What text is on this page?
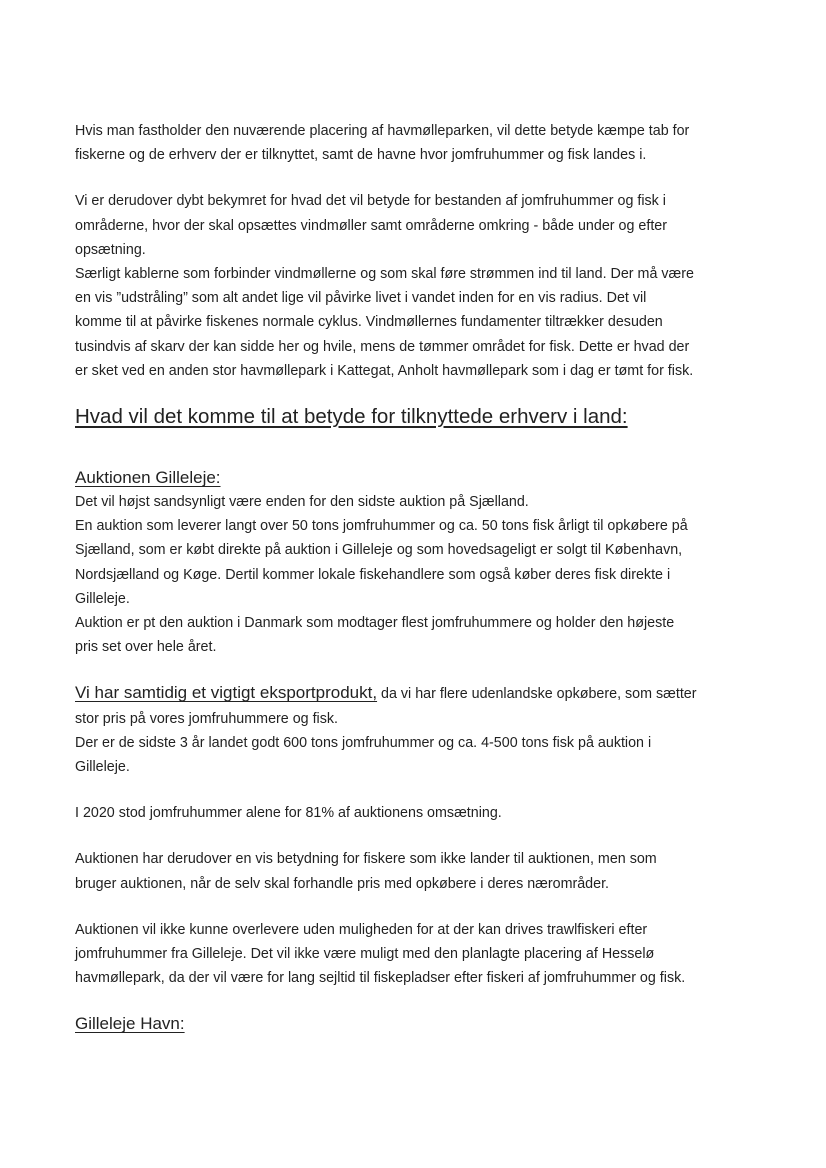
Hvis man fastholder den nuværende placering af havmølleparken, vil dette betyde kæmpe tab for
fiskerne og de erhverv der er tilknyttet, samt de havne hvor jomfruhummer og fisk landes i.
Vi er derudover dybt bekymret for hvad det vil betyde for bestanden af jomfruhummer og fisk i
områderne, hvor der skal opsættes vindmøller samt områderne omkring - både under og efter
opsætning.
Særligt kablerne som forbinder vindmøllerne og som skal føre strømmen ind til land. Der må være
en vis ”udstråling” som alt andet lige vil påvirke livet i vandet inden for en vis radius. Det vil
komme til at påvirke fiskenes normale cyklus. Vindmøllernes fundamenter tiltrækker desuden
tusindvis af skarv der kan sidde her og hvile, mens de tømmer området for fisk. Dette er hvad der
er sket ved en anden stor havmøllepark i Kattegat, Anholt havmøllepark som i dag er tømt for fisk.
Hvad vil det komme til at betyde for tilknyttede erhverv i land:
Auktionen Gilleleje:
Det vil højst sandsynligt være enden for den sidste auktion på Sjælland.
En auktion som leverer langt over 50 tons jomfruhummer og ca. 50 tons fisk årligt til opkøbere på
Sjælland, som er købt direkte på auktion i Gilleleje og som hovedsageligt er solgt til København,
Nordsjælland og Køge. Dertil kommer lokale fiskehandlere som også køber deres fisk direkte i
Gilleleje.
Auktion er pt den auktion i Danmark som modtager flest jomfruhummere og holder den højeste
pris set over hele året.
Vi har samtidig et vigtigt eksportprodukt, da vi har flere udenlandske opkøbere, som sætter
stor pris på vores jomfruhummere og fisk.
Der er de sidste 3 år landet godt 600 tons jomfruhummer og ca. 4-500 tons fisk på auktion i
Gilleleje.
I 2020 stod jomfruhummer alene for 81% af auktionens omsætning.
Auktionen har derudover en vis betydning for fiskere som ikke lander til auktionen, men som
bruger auktionen, når de selv skal forhandle pris med opkøbere i deres nærområder.
Auktionen vil ikke kunne overlevere uden muligheden for at der kan drives trawlfiskeri efter
jomfruhummer fra Gilleleje. Det vil ikke være muligt med den planlagte placering af Hesselø
havmøllepark, da der vil være for lang sejltid til fiskepladser efter fiskeri af jomfruhummer og fisk.
Gilleleje Havn:
